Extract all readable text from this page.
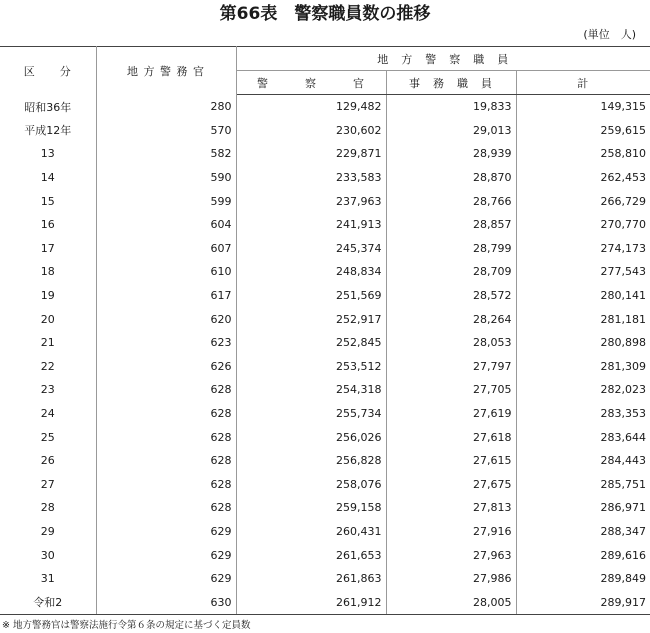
第66表　警察職員数の推移
(単位　人)
区　　分	地 方 警 務 官	地　方　警　察　職　員		
		警　　　察　　　官	事　務　職　員	計
昭和36年	280	129,482	19,833	149,315
平成12年	570	230,602	29,013	259,615
13	582	229,871	28,939	258,810
14	590	233,583	28,870	262,453
15	599	237,963	28,766	266,729
16	604	241,913	28,857	270,770
17	607	245,374	28,799	274,173
18	610	248,834	28,709	277,543
19	617	251,569	28,572	280,141
20	620	252,917	28,264	281,181
21	623	252,845	28,053	280,898
22	626	253,512	27,797	281,309
23	628	254,318	27,705	282,023
24	628	255,734	27,619	283,353
25	628	256,026	27,618	283,644
26	628	256,828	27,615	284,443
27	628	258,076	27,675	285,751
28	628	259,158	27,813	286,971
29	629	260,431	27,916	288,347
30	629	261,653	27,963	289,616
31	629	261,863	27,986	289,849
令和2	630	261,912	28,005	289,917
※ 地方警務官は警察法施行令第６条の規定に基づく定員数
